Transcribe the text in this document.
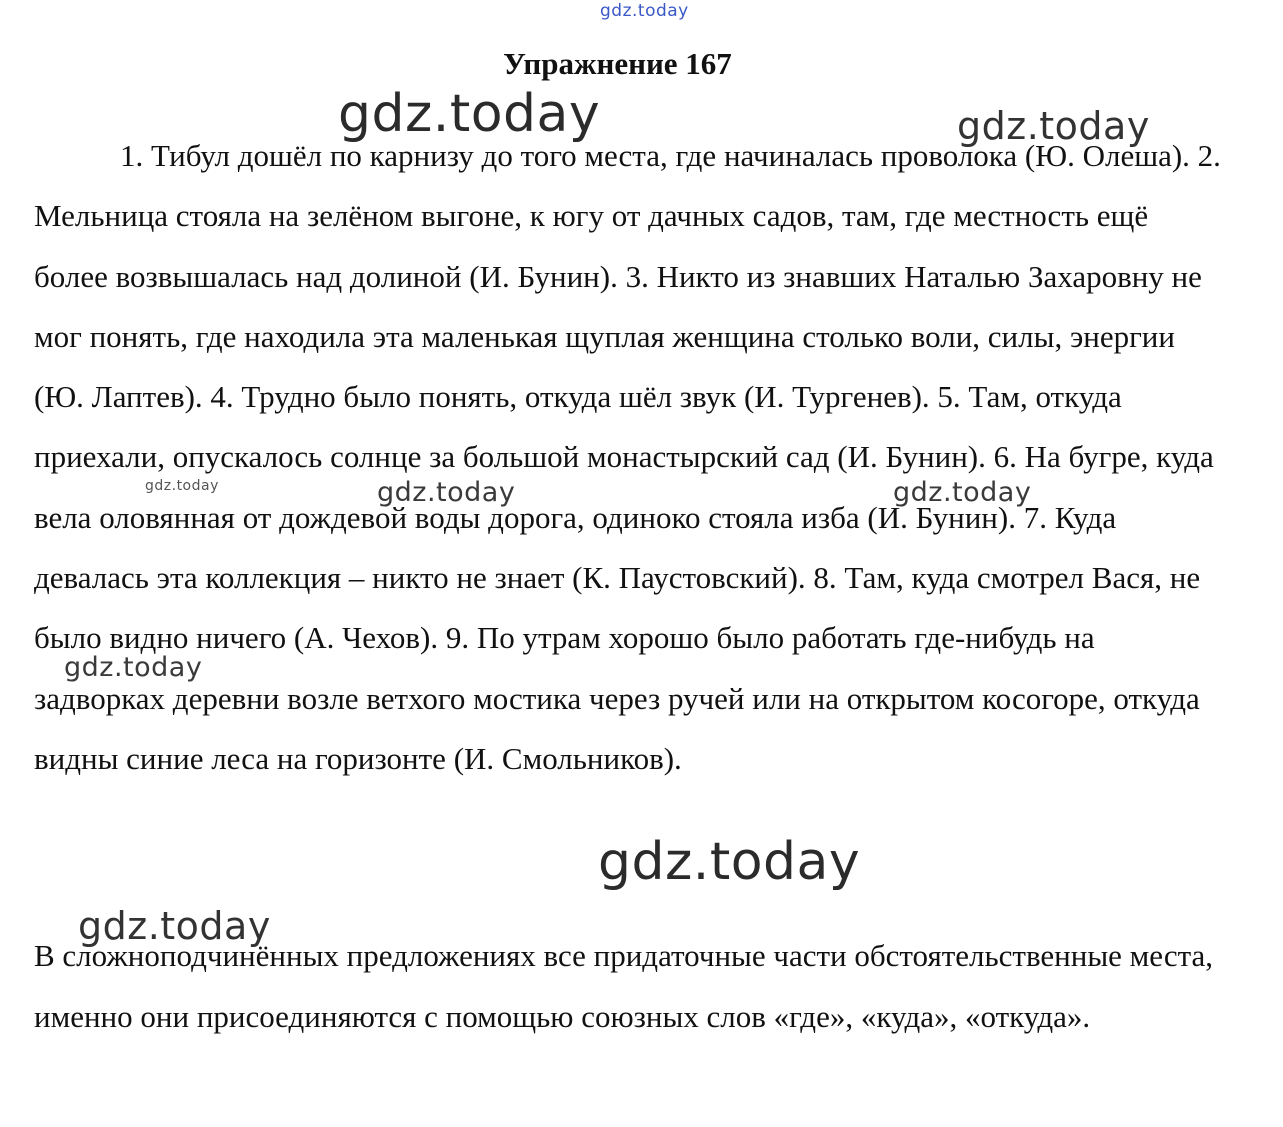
gdz.today
Упражнение 167

1. Тибул дошёл по карнизу до того места, где начиналась проволока (Ю. Олеша). 2. Мельница стояла на зелёном выгоне, к югу от дачных садов, там, где местность ещё более возвышалась над долиной (И. Бунин). 3. Никто из знавших Наталью Захаровну не мог понять, где находила эта маленькая щуплая женщина столько воли, силы, энергии (Ю. Лаптев). 4. Трудно было понять, откуда шёл звук (И. Тургенев). 5. Там, откуда приехали, опускалось солнце за большой монастырский сад (И. Бунин). 6. На бугре, куда вела оловянная от дождевой воды дорога, одиноко стояла изба (И. Бунин). 7. Куда девалась эта коллекция – никто не знает (К. Паустовский). 8. Там, куда смотрел Вася, не было видно ничего (А. Чехов). 9. По утрам хорошо было работать где-нибудь на задворках деревни возле ветхого мостика через ручей или на открытом косогоре, откуда видны синие леса на горизонте (И. Смольников).

В сложноподчинённых предложениях все придаточные части обстоятельственные места, именно они присоединяются с помощью союзных слов «где», «куда», «откуда».

gdz.today	gdz.today
gdz.today	gdz.today	gdz.today
gdz.today
gdz.today
gdz.today
